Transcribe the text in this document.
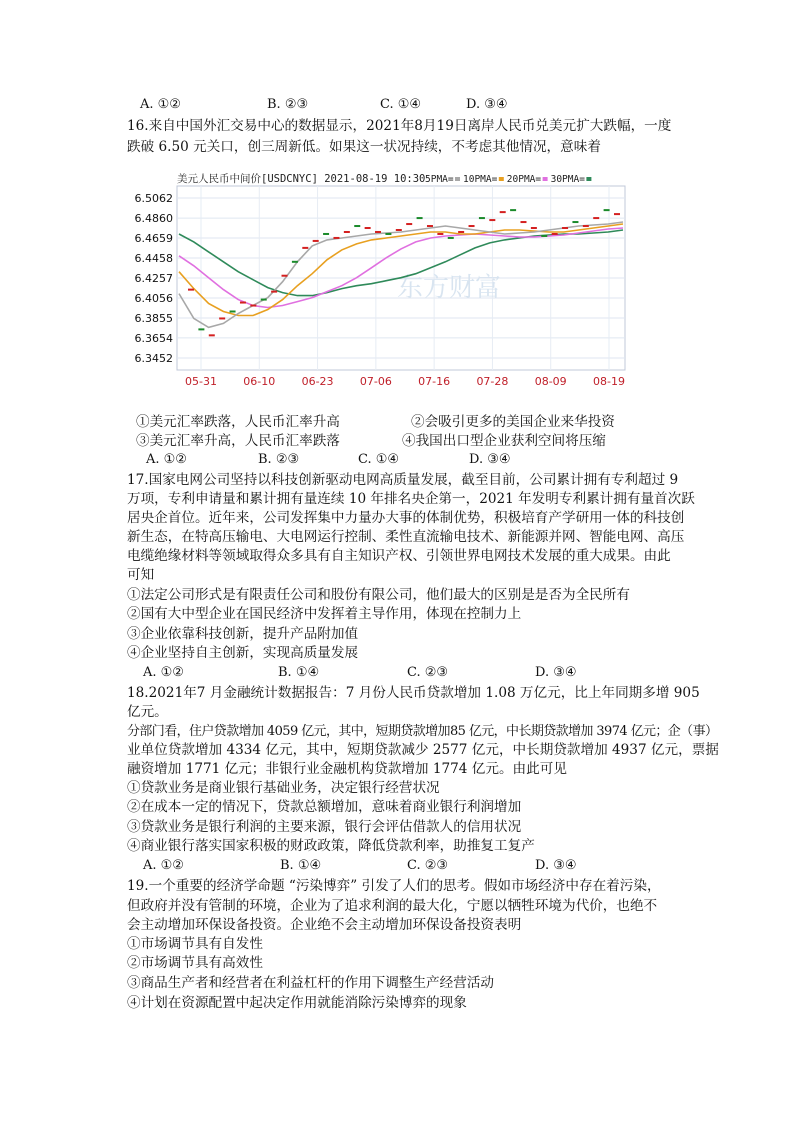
A. ①②	B. ②③	C. ①④	D. ③④
16.来自中国外汇交易中心的数据显示，2021年8月19日离岸人民币兑美元扩大跌幅，一度
跌破 6.50 元关口，创三周新低。如果这一状况持续，不考虑其他情况，意味着
东方财富
美元人民币中间价[USDCNYC] 2021-08-19 10:30 5PMA= 10PMA= 20PMA= 30PMA=
6.5062
6.4860
6.4659
6.4458
6.4257
6.4056
6.3855
6.3654
6.3452
05-31 06-10 06-23 07-06 07-16 07-28 08-09 08-19
①美元汇率跌落，人民币汇率升高	②会吸引更多的美国企业来华投资
③美元汇率升高，人民币汇率跌落	④我国出口型企业获利空间将压缩
A. ①②	B. ②③	C. ①④	D. ③④
17.国家电网公司坚持以科技创新驱动电网高质量发展，截至目前，公司累计拥有专利超过 9
万项，专利申请量和累计拥有量连续 10 年排名央企第一，2021 年发明专利累计拥有量首次跃
居央企首位。近年来，公司发挥集中力量办大事的体制优势，积极培育产学研用一体的科技创
新生态，在特高压输电、大电网运行控制、柔性直流输电技术、新能源并网、智能电网、高压
电缆绝缘材料等领域取得众多具有自主知识产权、引领世界电网技术发展的重大成果。由此
可知
①法定公司形式是有限责任公司和股份有限公司，他们最大的区别是是否为全民所有
②国有大中型企业在国民经济中发挥着主导作用，体现在控制力上
③企业依靠科技创新，提升产品附加值
④企业坚持自主创新，实现高质量发展
A. ①②	B. ①④	C. ②③	D. ③④
18.2021年7 月金融统计数据报告：7 月份人民币贷款增加 1.08 万亿元，比上年同期多增 905
亿元。
分部门看，住户贷款增加 4059 亿元，其中，短期贷款增加85 亿元，中长期贷款增加 3974 亿元；企（事）
业单位贷款增加 4334 亿元，其中，短期贷款减少 2577 亿元，中长期贷款增加 4937 亿元，票据
融资增加 1771 亿元；非银行业金融机构贷款增加 1774 亿元。由此可见
①贷款业务是商业银行基础业务，决定银行经营状况
②在成本一定的情况下，贷款总额增加，意味着商业银行利润增加
③贷款业务是银行利润的主要来源，银行会评估借款人的信用状况
④商业银行落实国家积极的财政政策，降低贷款利率，助推复工复产
A. ①②	B. ①④	C. ②③	D. ③④
19.一个重要的经济学命题 “污染博弈” 引发了人们的思考。假如市场经济中存在着污染，
但政府并没有管制的环境，企业为了追求利润的最大化，宁愿以牺牲环境为代价，也绝不
会主动增加环保设备投资。企业绝不会主动增加环保设备投资表明
①市场调节具有自发性
②市场调节具有高效性
③商品生产者和经营者在利益杠杆的作用下调整生产经营活动
④计划在资源配置中起决定作用就能消除污染博弈的现象
